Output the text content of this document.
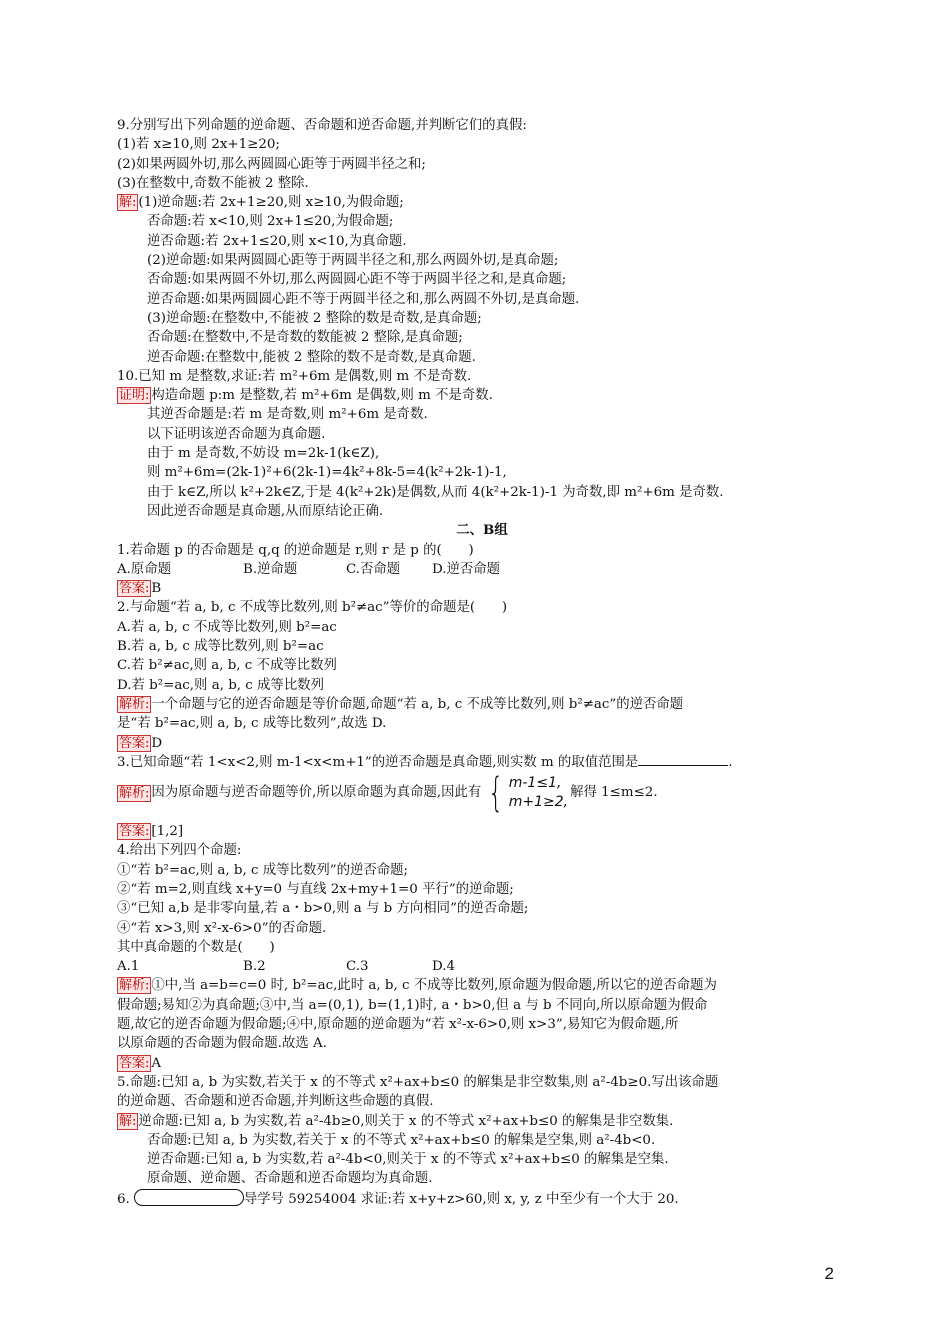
9.分别写出下列命题的逆命题、否命题和逆否命题,并判断它们的真假:
(1)若 x≥10,则 2x+1≥20;
(2)如果两圆外切,那么两圆圆心距等于两圆半径之和;
(3)在整数中,奇数不能被 2 整除.
解: (1)逆命题:若 2x+1≥20,则 x≥10,为假命题;
否命题:若 x<10,则 2x+1≤20,为假命题;
逆否命题:若 2x+1≤20,则 x<10,为真命题.
(2)逆命题:如果两圆圆心距等于两圆半径之和,那么两圆外切,是真命题;
否命题:如果两圆不外切,那么两圆圆心距不等于两圆半径之和,是真命题;
逆否命题:如果两圆圆心距不等于两圆半径之和,那么两圆不外切,是真命题.
(3)逆命题:在整数中,不能被 2 整除的数是奇数,是真命题;
否命题:在整数中,不是奇数的数能被 2 整除,是真命题;
逆否命题:在整数中,能被 2 整除的数不是奇数,是真命题.
10.已知 m 是整数,求证:若 m²+6m 是偶数,则 m 不是奇数.
证明: 构造命题 p:m 是整数,若 m²+6m 是偶数,则 m 不是奇数.
其逆否命题是:若 m 是奇数,则 m²+6m 是奇数.
以下证明该逆否命题为真命题.
由于 m 是奇数,不妨设 m=2k-1(k∈Z),
则 m²+6m=(2k-1)²+6(2k-1)=4k²+8k-5=4(k²+2k-1)-1,
由于 k∈Z,所以 k²+2k∈Z,于是 4(k²+2k)是偶数,从而 4(k²+2k-1)-1 为奇数,即 m²+6m 是奇数.
因此逆否命题是真命题,从而原结论正确.
二、B组
1.若命题 p 的否命题是 q,q 的逆命题是 r,则 r 是 p 的(　　)
A.原命题	B.逆命题	C.否命题 D.逆否命题
答案: B
2.与命题“若 a, b, c 不成等比数列,则 b²≠ac”等价的命题是(　　)
A.若 a, b, c 不成等比数列,则 b²=ac
B.若 a, b, c 成等比数列,则 b²=ac
C.若 b²≠ac,则 a, b, c 不成等比数列
D.若 b²=ac,则 a, b, c 成等比数列
解析: 一个命题与它的逆否命题是等价命题,命题“若 a, b, c 不成等比数列,则 b²≠ac”的逆否命题
是“若 b²=ac,则 a, b, c 成等比数列”,故选 D.
答案: D
3.已知命题“若 1<x<2,则 m-1<x<m+1”的逆否命题是真命题,则实数 m 的取值范围是	.
解析: 因为原命题与逆否命题等价,所以原命题为真命题,因此有 { m-1≤1,
m+1≥2,
解得 1≤m≤2.
答案: [1,2]
4.给出下列四个命题:
①“若 b²=ac,则 a, b, c 成等比数列”的逆否命题;
②“若 m=2,则直线 x+y=0 与直线 2x+my+1=0 平行”的逆命题;
③“已知 a,b 是非零向量,若 a・b>0,则 a 与 b 方向相同”的逆否命题;
④“若 x>3,则 x²-x-6>0”的否命题.
其中真命题的个数是(　　)
A.1	B.2	C.3	D.4
解析: ①中,当 a=b=c=0 时, b²=ac,此时 a, b, c 不成等比数列,原命题为假命题,所以它的逆否命题为
假命题;易知②为真命题;③中,当 a=(0,1), b=(1,1)时, a・b>0,但 a 与 b 不同向,所以原命题为假命
题,故它的逆否命题为假命题;④中,原命题的逆命题为“若 x²-x-6>0,则 x>3”,易知它为假命题,所
以原命题的否命题为假命题.故选 A.
答案: A
5.命题:已知 a, b 为实数,若关于 x 的不等式 x²+ax+b≤0 的解集是非空数集,则 a²-4b≥0.写出该命题
的逆命题、否命题和逆否命题,并判断这些命题的真假.
解: 逆命题:已知 a, b 为实数,若 a²-4b≥0,则关于 x 的不等式 x²+ax+b≤0 的解集是非空数集.
否命题:已知 a, b 为实数,若关于 x 的不等式 x²+ax+b≤0 的解集是空集,则 a²-4b<0.
逆否命题:已知 a, b 为实数,若 a²-4b<0,则关于 x 的不等式 x²+ax+b≤0 的解集是空集.
原命题、逆命题、否命题和逆否命题均为真命题.
6.	导学号 59254004 求证:若 x+y+z>60,则 x, y, z 中至少有一个大于 20.
2
